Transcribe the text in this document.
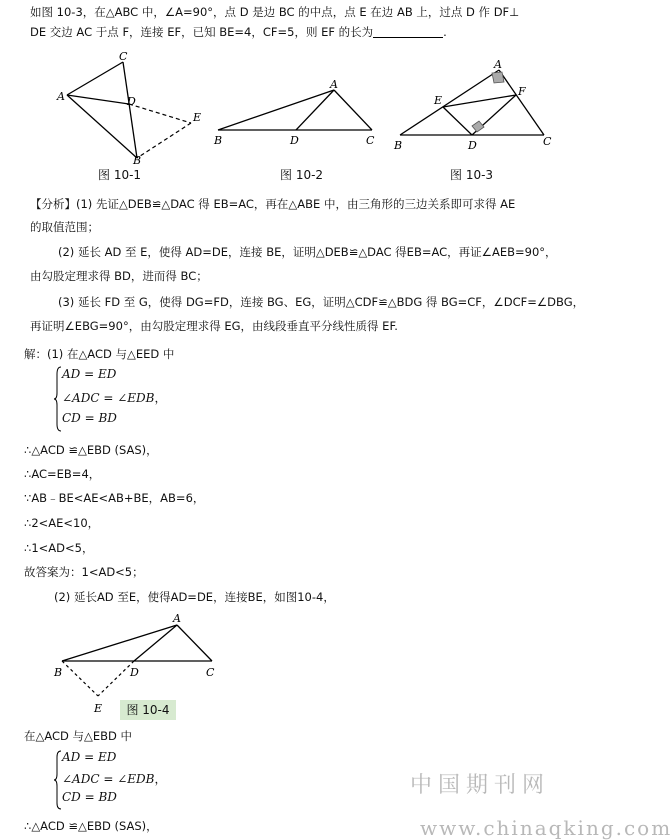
如图 10-3，在△ABC 中，∠A=90°，点 D 是边 BC 的中点，点 E 在边 AB 上，过点 D 作 DF⊥
DE 交边 AC 于点 F，连接 EF，已知 BE=4，CF=5，则 EF 的长为	.
A
C
D
E
B
图 10-1
A
B	D	C
图 10-2
A
E
F
B	D	C
图 10-3
【分析】(1) 先证△DEB≌△DAC 得 EB=AC，再在△ABE 中，由三角形的三边关系即可求得 AE
的取值范围；
(2) 延长 AD 至 E，使得 AD=DE，连接 BE，证明△DEB≌△DAC 得EB=AC，再证∠AEB=90°，
由勾股定理求得 BD，进而得 BC；
(3) 延长 FD 至 G，使得 DG=FD，连接 BG、EG，证明△CDF≌△BDG 得 BG=CF，∠DCF=∠DBG，
再证明∠EBG=90°，由勾股定理求得 EG，由线段垂直平分线性质得 EF.
解：(1) 在△ACD 与△EED 中
AD = ED
∠ADC = ∠EDB，
CD = BD
∴△ACD ≌△EBD (SAS)，
∴AC=EB=4，
∵AB﹣BE<AE<AB+BE，AB=6，
∴2<AE<10，
∴1<AD<5，
故答案为：1<AD<5；
(2) 延长AD 至E，使得AD=DE，连接BE，如图10-4，
A
B	D	C
E	图 10-4
在△ACD 与△EBD 中
AD = ED
∠ADC = ∠EDB，
CD = BD
∴△ACD ≌△EBD (SAS)，
中国期刊网
www.chinaqking.com
